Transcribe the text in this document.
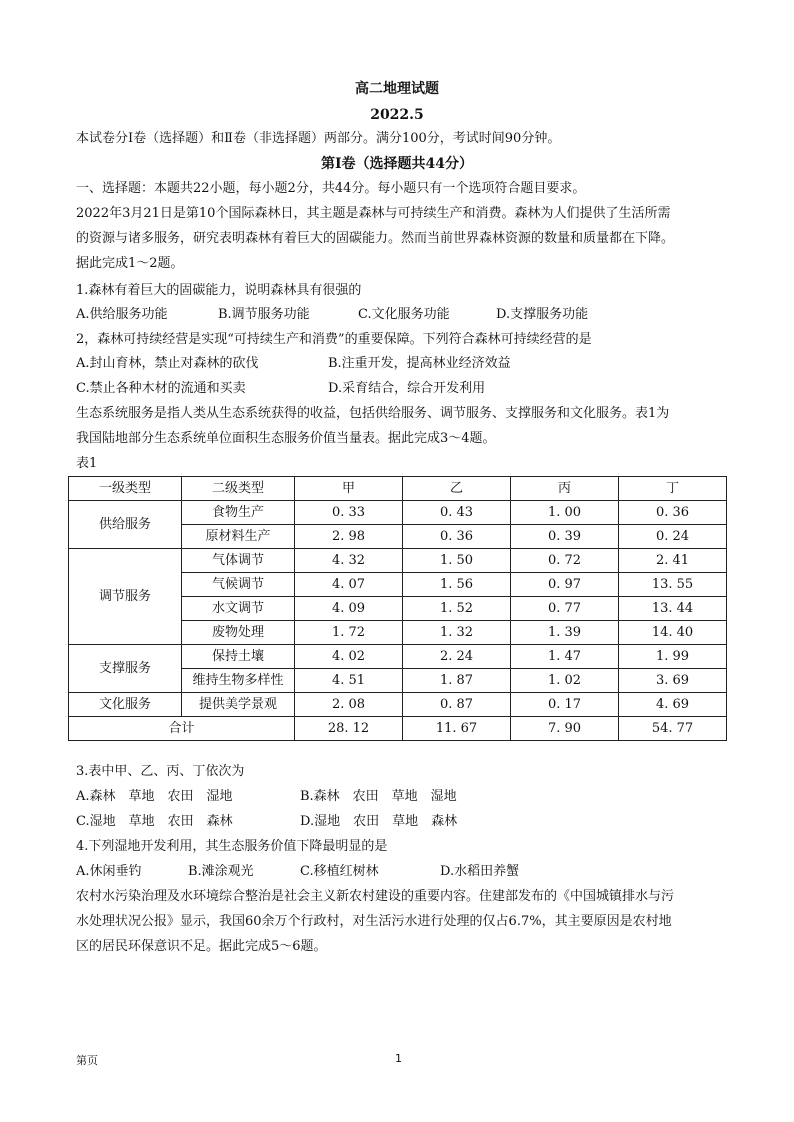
高二地理试题
2022.5
本试卷分Ⅰ卷（选择题）和Ⅱ卷（非选择题）两部分。满分100分，考试时间90分钟。
第Ⅰ卷（选择题共44分）
一、选择题：本题共22小题，每小题2分，共44分。每小题只有一个选项符合题目要求。
2022年3月21日是第10个国际森林日，其主题是森林与可持续生产和消费。森林为人们提供了生活所需
的资源与诸多服务，研究表明森林有着巨大的固碳能力。然而当前世界森林资源的数量和质量都在下降。
据此完成1～2题。
1.森林有着巨大的固碳能力，说明森林具有很强的
A.供给服务功能	B.调节服务功能	C.文化服务功能	D.支撑服务功能
2，森林可持续经营是实现“可持续生产和消费”的重要保障。下列符合森林可持续经营的是
A.封山育林，禁止对森林的砍伐	B.注重开发，提高林业经济效益
C.禁止各种木材的流通和买卖	D.采育结合，综合开发利用
生态系统服务是指人类从生态系统获得的收益，包括供给服务、调节服务、支撑服务和文化服务。表1为
我国陆地部分生态系统单位面积生态服务价值当量表。据此完成3～4题。
表1
一级类型	二级类型	甲	乙	丙	丁
供给服务	食物生产	0. 33	0. 43	1. 00	0. 36
	原材料生产	2. 98	0. 36	0. 39	0. 24
调节服务	气体调节	4. 32	1. 50	0. 72	2. 41
	气候调节	4. 07	1. 56	0. 97	13. 55
	水文调节	4. 09	1. 52	0. 77	13. 44
	废物处理	1. 72	1. 32	1. 39	14. 40
支撑服务	保持土壤	4. 02	2. 24	1. 47	1. 99
	维持生物多样性	4. 51	1. 87	1. 02	3. 69
文化服务	提供美学景观	2. 08	0. 87	0. 17	4. 69
合计		28. 12	11. 67	7. 90	54. 77
3.表中甲、乙、丙、丁依次为
A.森林　草地　农田　湿地	B.森林　农田　草地　湿地
C.湿地　草地　农田　森林	D.湿地　农田　草地　森林
4.下列湿地开发利用，其生态服务价值下降最明显的是
A.休闲垂钓	B.滩涂观光	C.移植红树林	D.水稻田养蟹
农村水污染治理及水环境综合整治是社会主义新农村建设的重要内容。住建部发布的《中国城镇排水与污
水处理状况公报》显示，我国60余万个行政村，对生活污水进行处理的仅占6.7%，其主要原因是农村地
区的居民环保意识不足。据此完成5～6题。
第页	1
